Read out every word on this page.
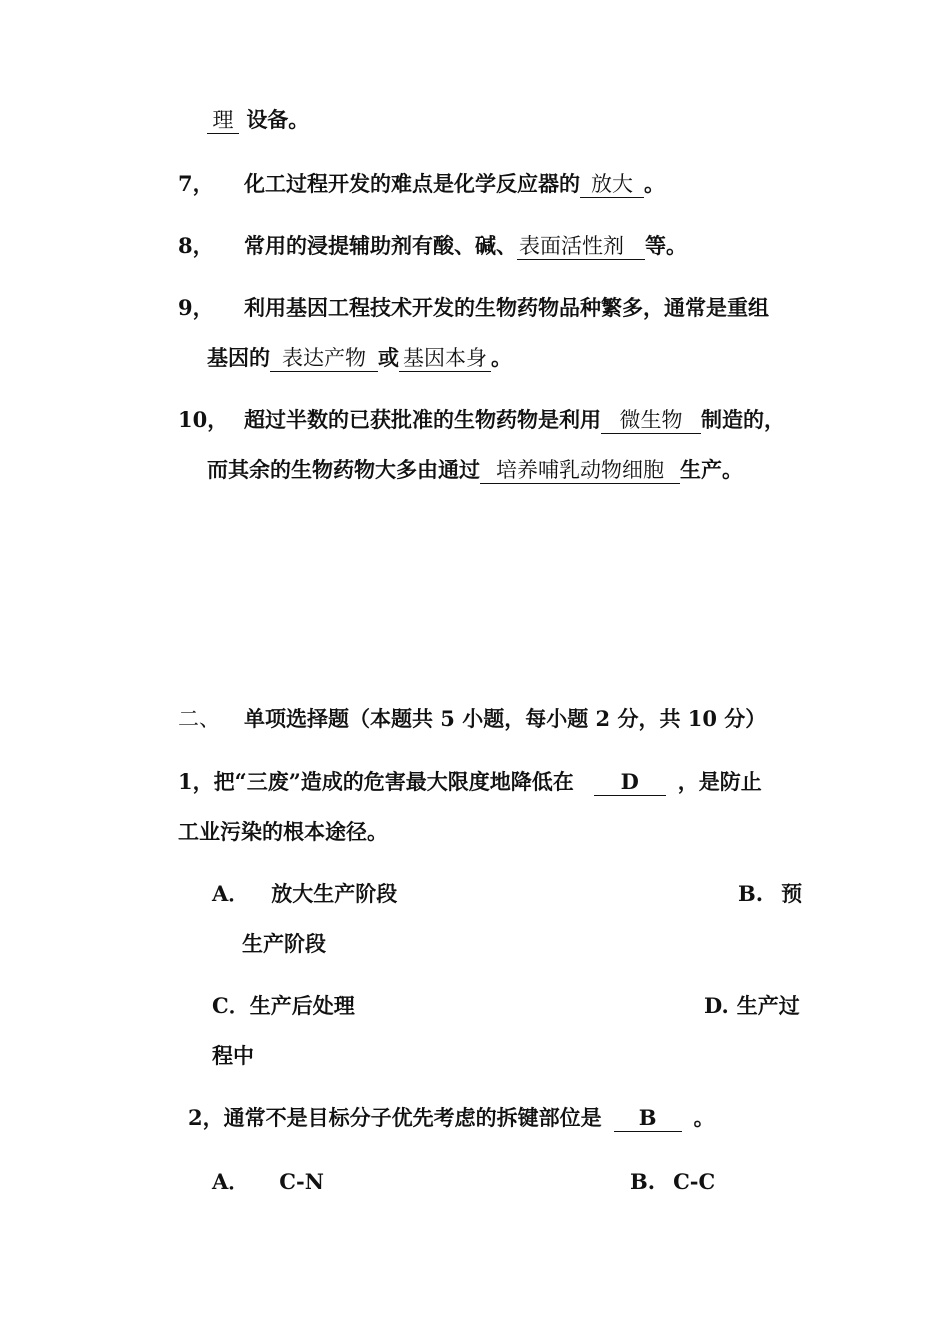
理 设备。
7， 化工过程开发的难点是化学反应器的 放大 。
8， 常用的浸提辅助剂有酸、碱、表面活性剂 等。
9， 利用基因工程技术开发的生物药物品种繁多，通常是重组
基因的 表达产物 或 基因本身 。
10， 超过半数的已获批准的生物药物是利用 微生物 制造的，
而其余的生物药物大多由通过 培养哺乳动物细胞 生产。
二、 单项选择题（本题共 5 小题，每小题 2 分，共 10 分）
1，把“三废”造成的危害最大限度地降低在 D ，是防止
工业污染的根本途径。
A． 放大生产阶段	B. 预
生产阶段
C．生产后处理	D. 生产过
程中
2，通常不是目标分子优先考虑的拆键部位是 B 。
A． C-N	B. C-C
